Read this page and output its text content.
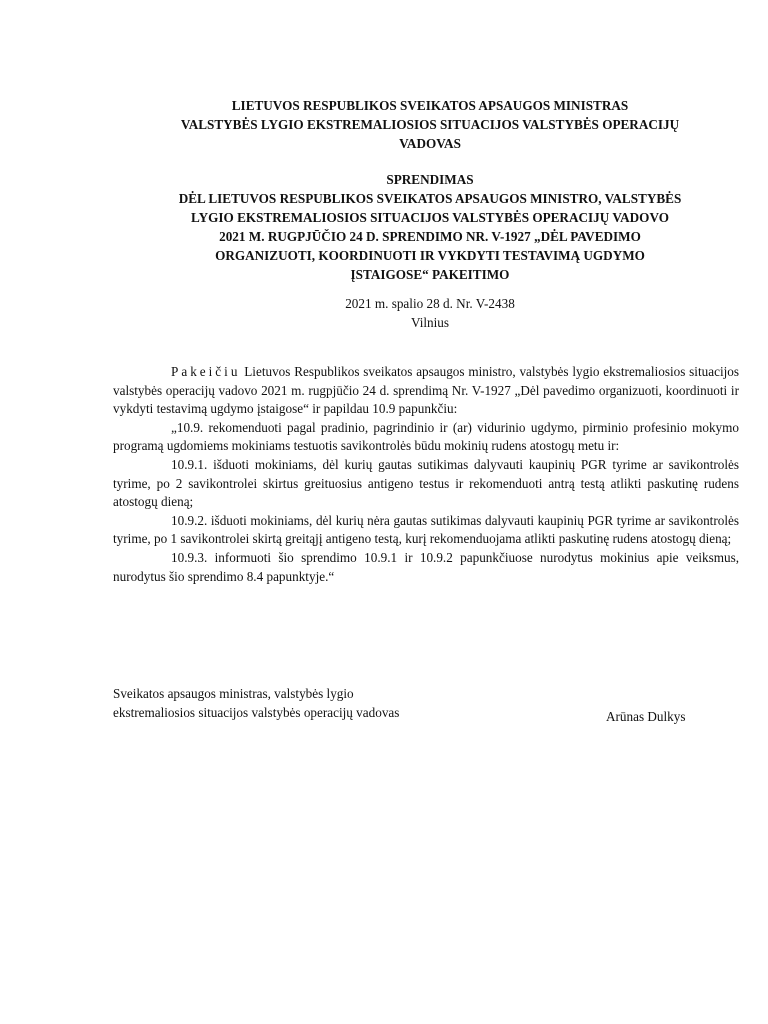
LIETUVOS RESPUBLIKOS SVEIKATOS APSAUGOS MINISTRAS
VALSTYBĖS LYGIO EKSTREMALIOSIOS SITUACIJOS VALSTYBĖS OPERACIJŲ
VADOVAS
SPRENDIMAS
DĖL LIETUVOS RESPUBLIKOS SVEIKATOS APSAUGOS MINISTRO, VALSTYBĖS
LYGIO EKSTREMALIOSIOS SITUACIJOS VALSTYBĖS OPERACIJŲ VADOVO
2021 M. RUGPJŪČIO 24 D. SPRENDIMO NR. V-1927 „DĖL PAVEDIMO
ORGANIZUOTI, KOORDINUOTI IR VYKDYTI TESTAVIMĄ UGDYMO
ĮSTAIGOSE“ PAKEITIMO
2021 m. spalio 28 d. Nr. V-2438
Vilnius

Pakeičiu Lietuvos Respublikos sveikatos apsaugos ministro, valstybės lygio ekstremaliosios situacijos valstybės operacijų vadovo 2021 m. rugpjūčio 24 d. sprendimą Nr. V-1927 „Dėl pavedimo organizuoti, koordinuoti ir vykdyti testavimą ugdymo įstaigose“ ir papildau 10.9 papunkčiu:

„10.9. rekomenduoti pagal pradinio, pagrindinio ir (ar) vidurinio ugdymo, pirminio profesinio mokymo programą ugdomiems mokiniams testuotis savikontrolės būdu mokinių rudens atostogų metu ir:

10.9.1. išduoti mokiniams, dėl kurių gautas sutikimas dalyvauti kaupinių PGR tyrime ar savikontrolės tyrime, po 2 savikontrolei skirtus greituosius antigeno testus ir rekomenduoti antrą testą atlikti paskutinę rudens atostogų dieną;

10.9.2. išduoti mokiniams, dėl kurių nėra gautas sutikimas dalyvauti kaupinių PGR tyrime ar savikontrolės tyrime, po 1 savikontrolei skirtą greitąjį antigeno testą, kurį rekomenduojama atlikti paskutinę rudens atostogų dieną;

10.9.3. informuoti šio sprendimo 10.9.1 ir 10.9.2 papunkčiuose nurodytus mokinius apie veiksmus, nurodytus šio sprendimo 8.4 papunktyje.“

Sveikatos apsaugos ministras, valstybės lygio
ekstremaliosios situacijos valstybės operacijų vadovas	Arūnas Dulkys
